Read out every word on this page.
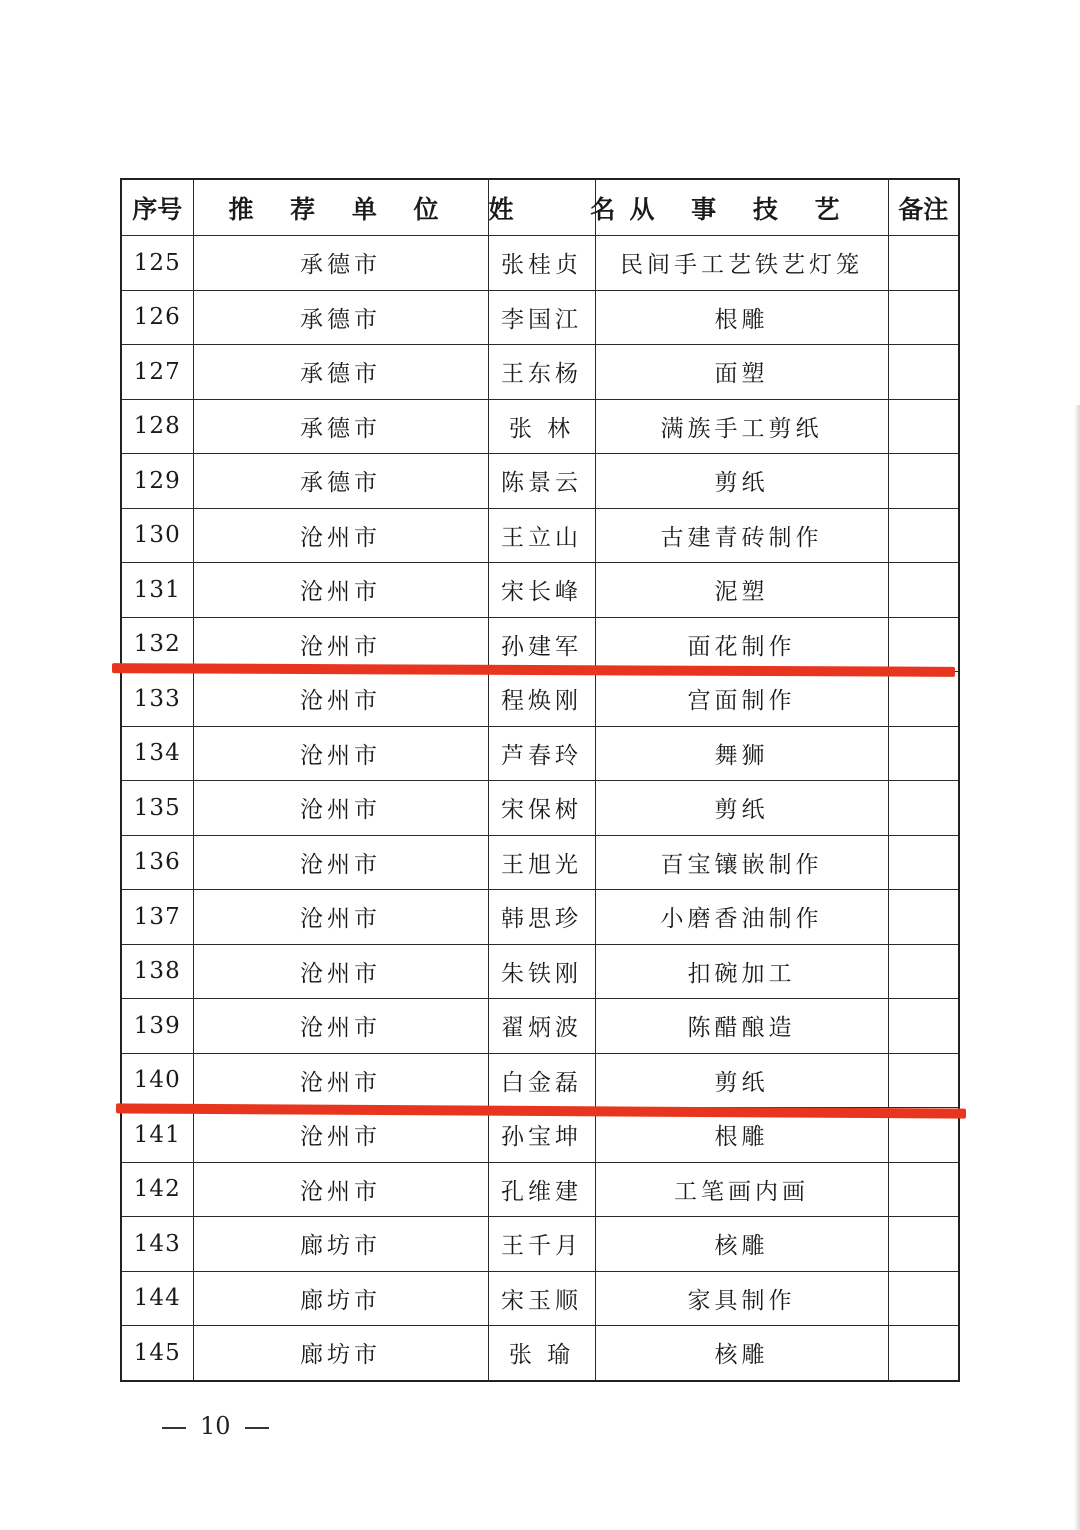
序号	推 荐 单 位	姓 名	从 事 技 艺	备注
125	承德市	张桂贞	民间手工艺铁艺灯笼	
126	承德市	李国江	根雕	
127	承德市	王东杨	面塑	
128	承德市	张 林	满族手工剪纸	
129	承德市	陈景云	剪纸	
130	沧州市	王立山	古建青砖制作	
131	沧州市	宋长峰	泥塑	
132	沧州市	孙建军	面花制作	
133	沧州市	程焕刚	宫面制作	
134	沧州市	芦春玲	舞狮	
135	沧州市	宋保树	剪纸	
136	沧州市	王旭光	百宝镶嵌制作	
137	沧州市	韩思珍	小磨香油制作	
138	沧州市	朱铁刚	扣碗加工	
139	沧州市	翟炳波	陈醋酿造	
140	沧州市	白金磊	剪纸	
141	沧州市	孙宝坤	根雕	
142	沧州市	孔维建	工笔画内画	
143	廊坊市	王千月	核雕	
144	廊坊市	宋玉顺	家具制作	
145	廊坊市	张 瑜	核雕	
10
